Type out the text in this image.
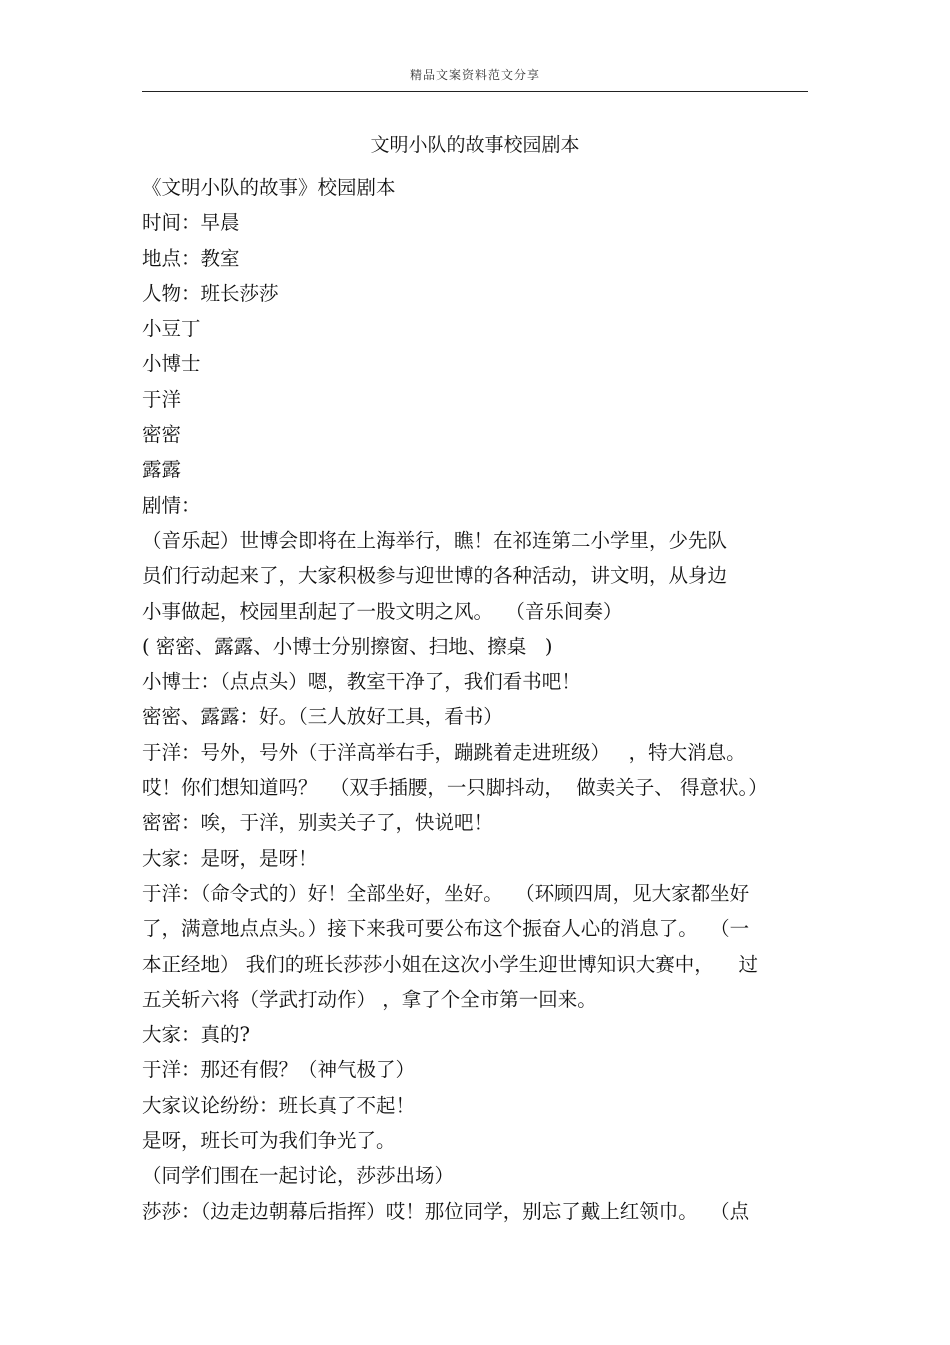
精品文案资料范文分享
文明小队的故事校园剧本
《文明小队的故事》校园剧本
时间：早晨
地点：教室
人物：班长莎莎
小豆丁
小博士
于洋
密密
露露
剧情：
（音乐起）世博会即将在上海举行，瞧！在祁连第二小学里，少先队
员们行动起来了，大家积极参与迎世博的各种活动，讲文明，从身边
小事做起，校园里刮起了一股文明之风。  （音乐间奏）
( 密密、露露、小博士分别擦窗、扫地、擦桌   )
小博士：（点点头）嗯，教室干净了，我们看书吧！
密密、露露：好。（三人放好工具，看书）
于洋：号外，号外（于洋高举右手，蹦跳着走进班级）   ，特大消息。
哎！你们想知道吗？  （双手插腰，一只脚抖动，  做卖关子、 得意状。）
密密：唉，于洋，别卖关子了，快说吧！
大家：是呀，是呀！
于洋：（命令式的）好！全部坐好，坐好。  （环顾四周，见大家都坐好
了，满意地点点头。）接下来我可要公布这个振奋人心的消息了。  （一
本正经地） 我们的班长莎莎小姐在这次小学生迎世博知识大赛中，    过
五关斩六将（学武打动作） ，拿了个全市第一回来。
大家：真的?
于洋：那还有假？（神气极了）
大家议论纷纷：班长真了不起！
是呀，班长可为我们争光了。
（同学们围在一起讨论，莎莎出场）
莎莎：（边走边朝幕后指挥）哎！那位同学，别忘了戴上红领巾。  （点
